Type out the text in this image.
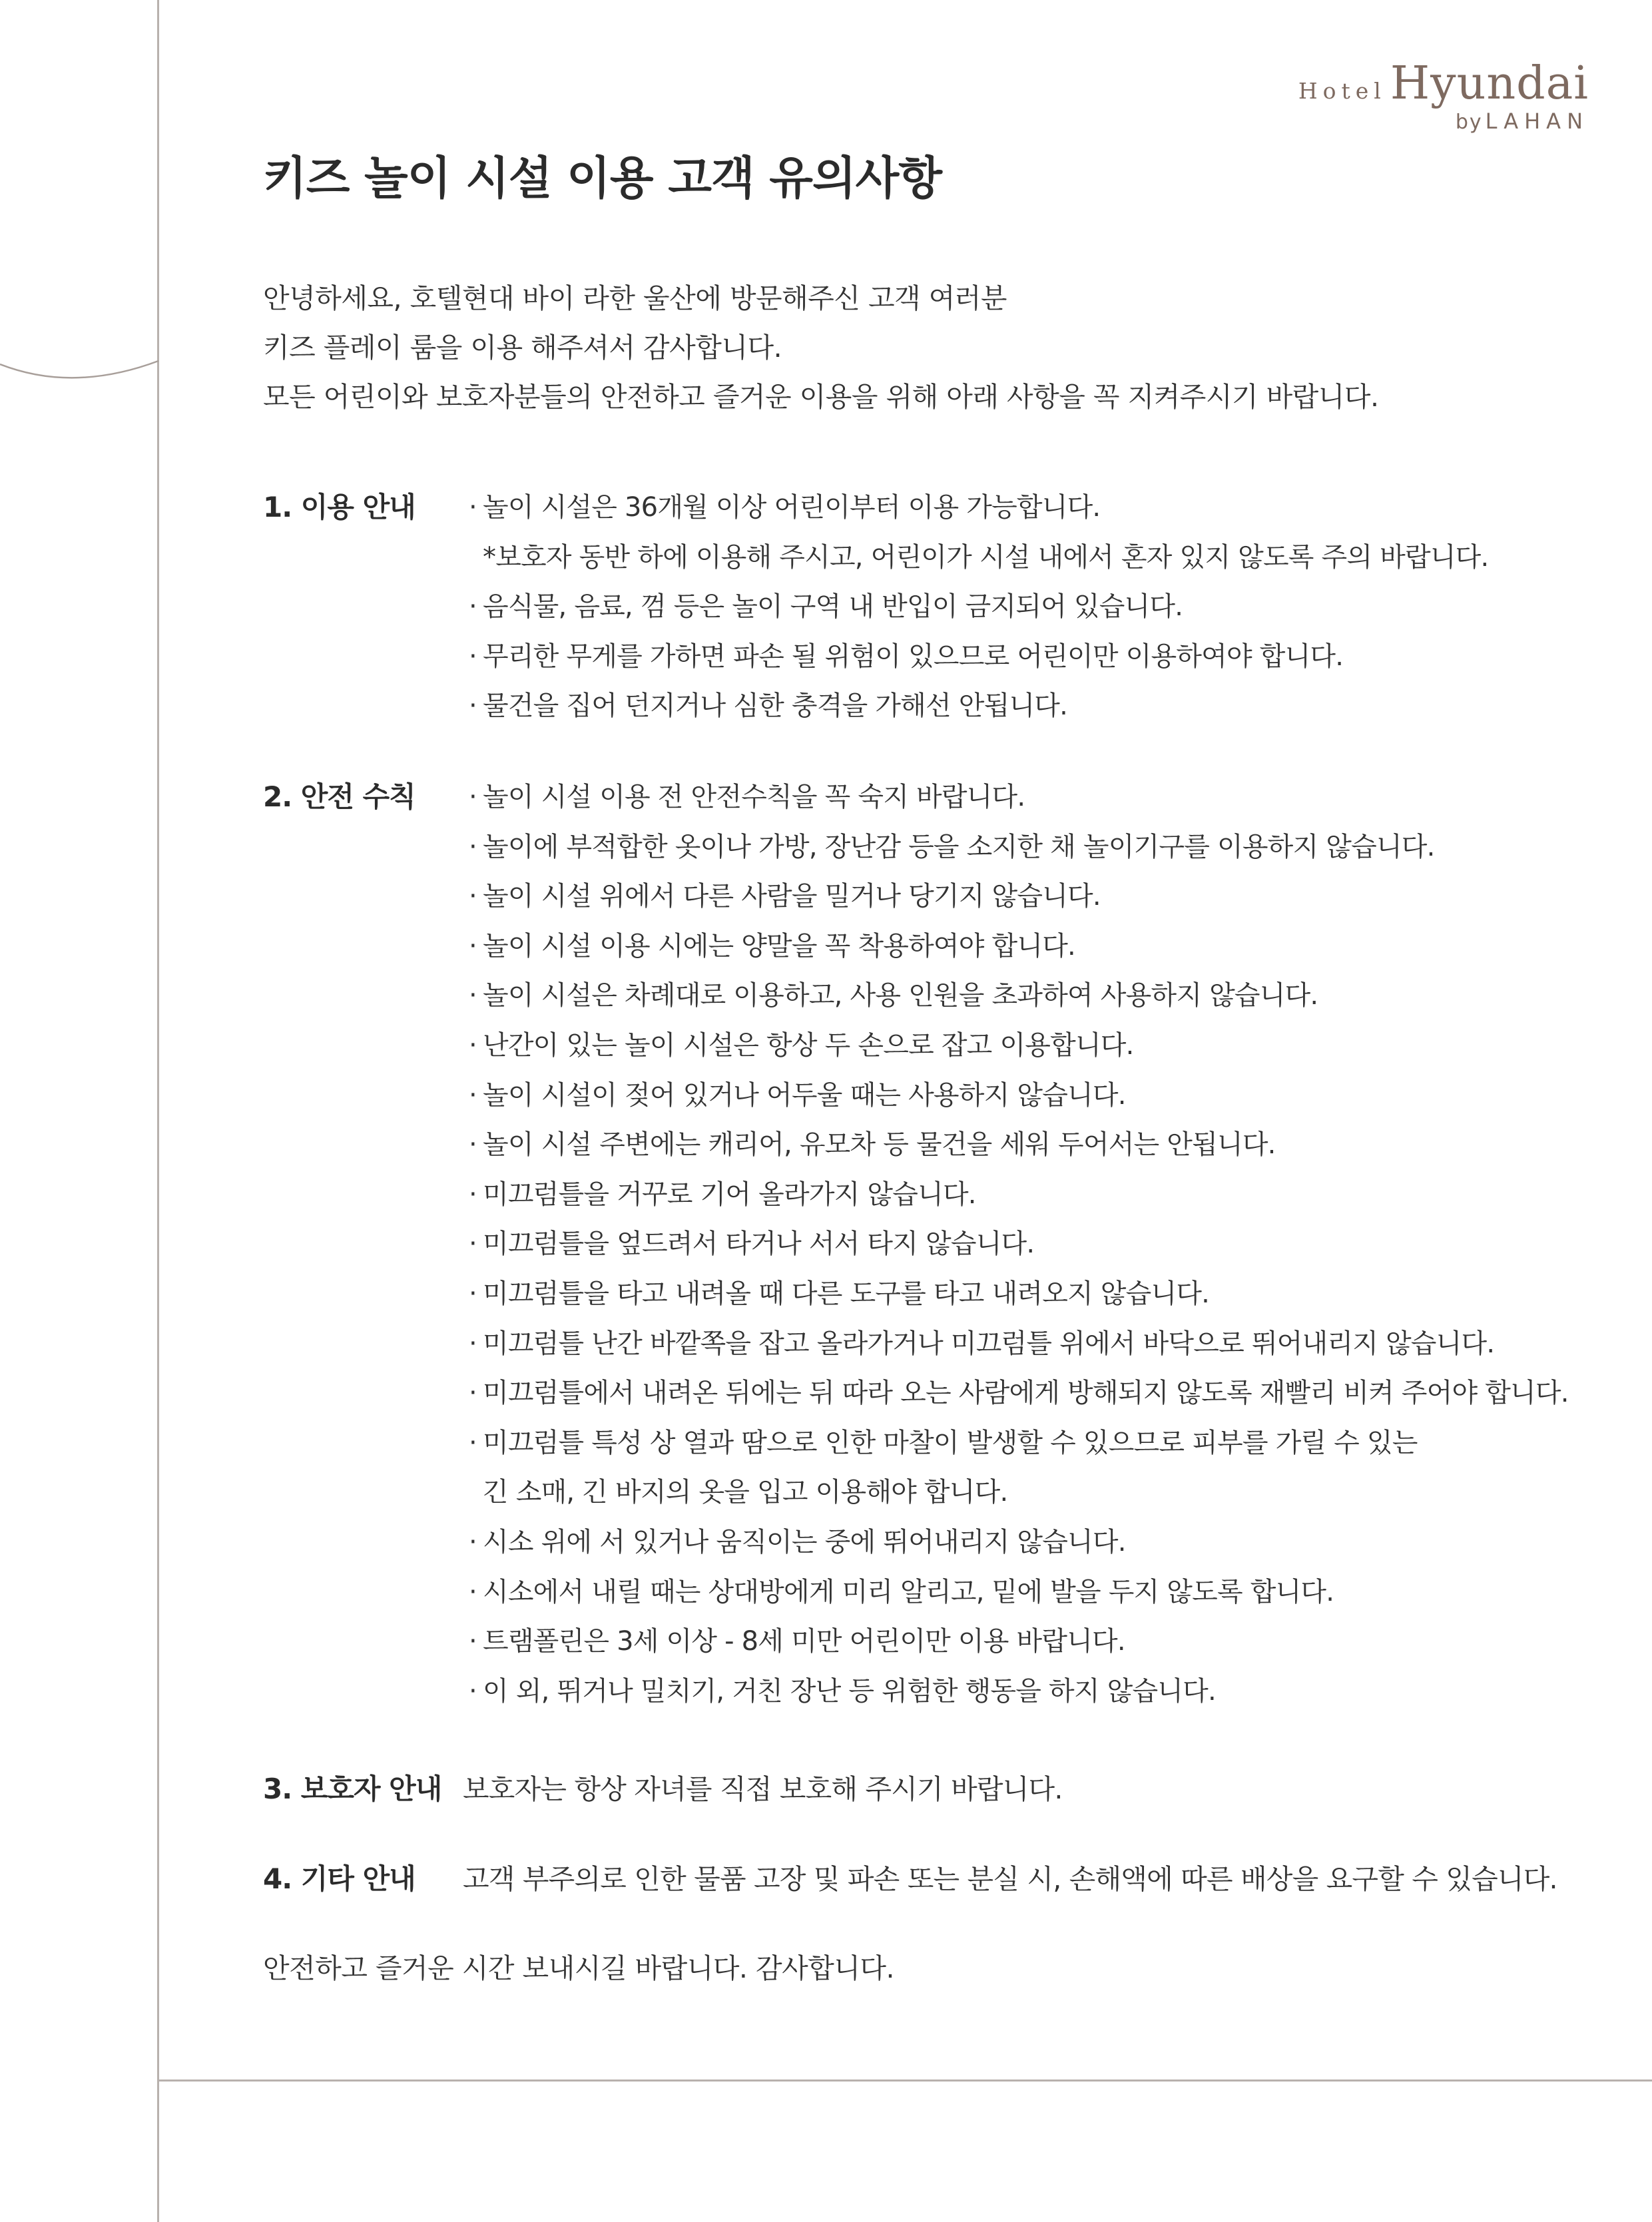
HotelHyundai
by LAHAN
키즈 놀이 시설 이용 고객 유의사항
안녕하세요, 호텔현대 바이 라한 울산에 방문해주신 고객 여러분
키즈 플레이 룸을 이용 해주셔서 감사합니다.
모든 어린이와 보호자분들의 안전하고 즐거운 이용을 위해 아래 사항을 꼭 지켜주시기 바랍니다.
1. 이용 안내	· 놀이 시설은 36개월 이상 어린이부터 이용 가능합니다.
*보호자 동반 하에 이용해 주시고, 어린이가 시설 내에서 혼자 있지 않도록 주의 바랍니다.
· 음식물, 음료, 껌 등은 놀이 구역 내 반입이 금지되어 있습니다.
· 무리한 무게를 가하면 파손 될 위험이 있으므로 어린이만 이용하여야 합니다.
· 물건을 집어 던지거나 심한 충격을 가해선 안됩니다.
2. 안전 수칙	· 놀이 시설 이용 전 안전수칙을 꼭 숙지 바랍니다.
· 놀이에 부적합한 옷이나 가방, 장난감 등을 소지한 채 놀이기구를 이용하지 않습니다.
· 놀이 시설 위에서 다른 사람을 밀거나 당기지 않습니다.
· 놀이 시설 이용 시에는 양말을 꼭 착용하여야 합니다.
· 놀이 시설은 차례대로 이용하고, 사용 인원을 초과하여 사용하지 않습니다.
· 난간이 있는 놀이 시설은 항상 두 손으로 잡고 이용합니다.
· 놀이 시설이 젖어 있거나 어두울 때는 사용하지 않습니다.
· 놀이 시설 주변에는 캐리어, 유모차 등 물건을 세워 두어서는 안됩니다.
· 미끄럼틀을 거꾸로 기어 올라가지 않습니다.
· 미끄럼틀을 엎드려서 타거나 서서 타지 않습니다.
· 미끄럼틀을 타고 내려올 때 다른 도구를 타고 내려오지 않습니다.
· 미끄럼틀 난간 바깥쪽을 잡고 올라가거나 미끄럼틀 위에서 바닥으로 뛰어내리지 않습니다.
· 미끄럼틀에서 내려온 뒤에는 뒤 따라 오는 사람에게 방해되지 않도록 재빨리 비켜 주어야 합니다.
· 미끄럼틀 특성 상 열과 땀으로 인한 마찰이 발생할 수 있으므로 피부를 가릴 수 있는
긴 소매, 긴 바지의 옷을 입고 이용해야 합니다.
· 시소 위에 서 있거나 움직이는 중에 뛰어내리지 않습니다.
· 시소에서 내릴 때는 상대방에게 미리 알리고, 밑에 발을 두지 않도록 합니다.
· 트램폴린은 3세 이상 - 8세 미만 어린이만 이용 바랍니다.
· 이 외, 뛰거나 밀치기, 거친 장난 등 위험한 행동을 하지 않습니다.
3. 보호자 안내 보호자는 항상 자녀를 직접 보호해 주시기 바랍니다.
4. 기타 안내 고객 부주의로 인한 물품 고장 및 파손 또는 분실 시, 손해액에 따른 배상을 요구할 수 있습니다.
안전하고 즐거운 시간 보내시길 바랍니다. 감사합니다.
